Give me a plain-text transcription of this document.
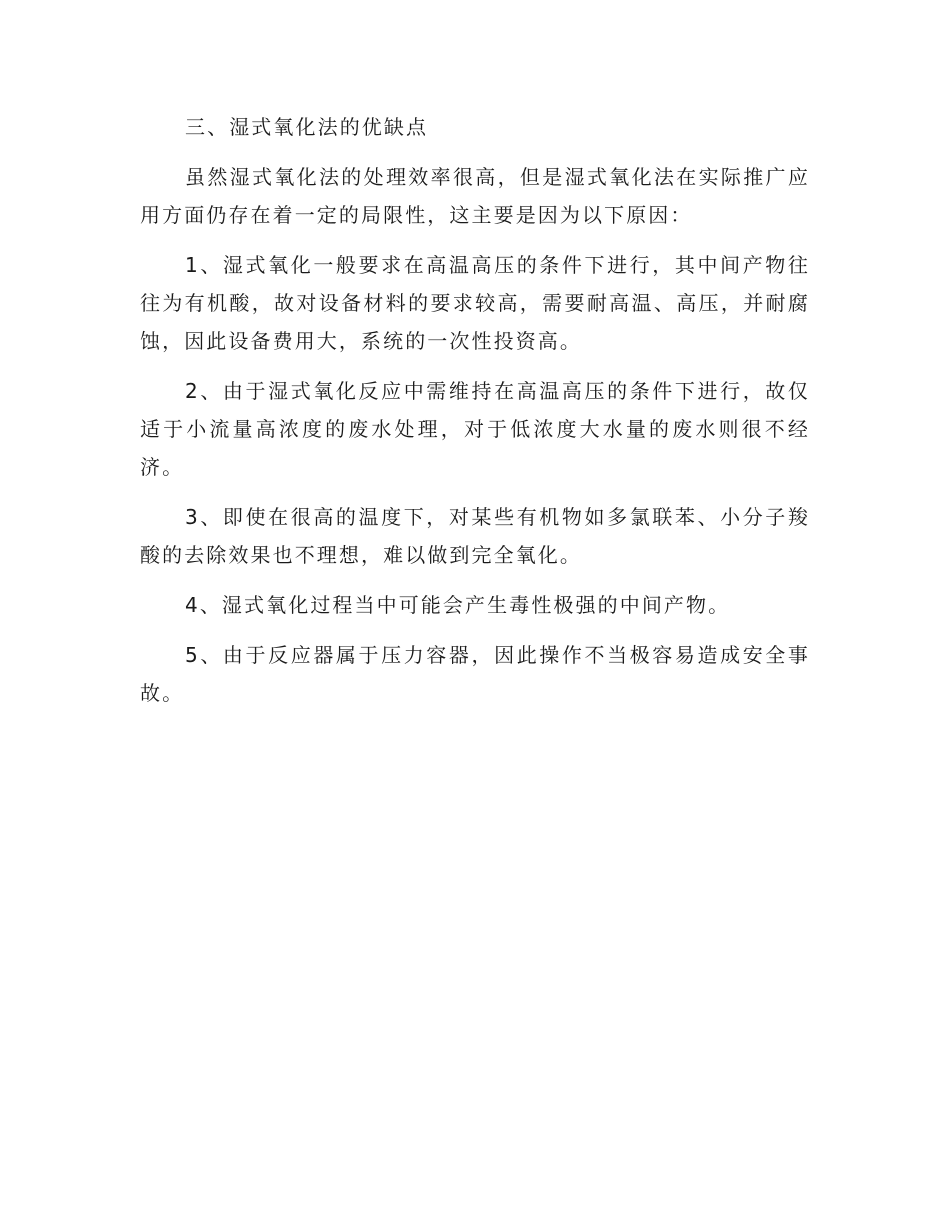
三、湿式氧化法的优缺点

虽然湿式氧化法的处理效率很高，但是湿式氧化法在实际推广应用方面仍存在着一定的局限性，这主要是因为以下原因：

1、湿式氧化一般要求在高温高压的条件下进行，其中间产物往往为有机酸，故对设备材料的要求较高，需要耐高温、高压，并耐腐蚀，因此设备费用大，系统的一次性投资高。

2、由于湿式氧化反应中需维持在高温高压的条件下进行，故仅适于小流量高浓度的废水处理，对于低浓度大水量的废水则很不经济。

3、即使在很高的温度下，对某些有机物如多氯联苯、小分子羧酸的去除效果也不理想，难以做到完全氧化。

4、湿式氧化过程当中可能会产生毒性极强的中间产物。

5、由于反应器属于压力容器，因此操作不当极容易造成安全事故。
